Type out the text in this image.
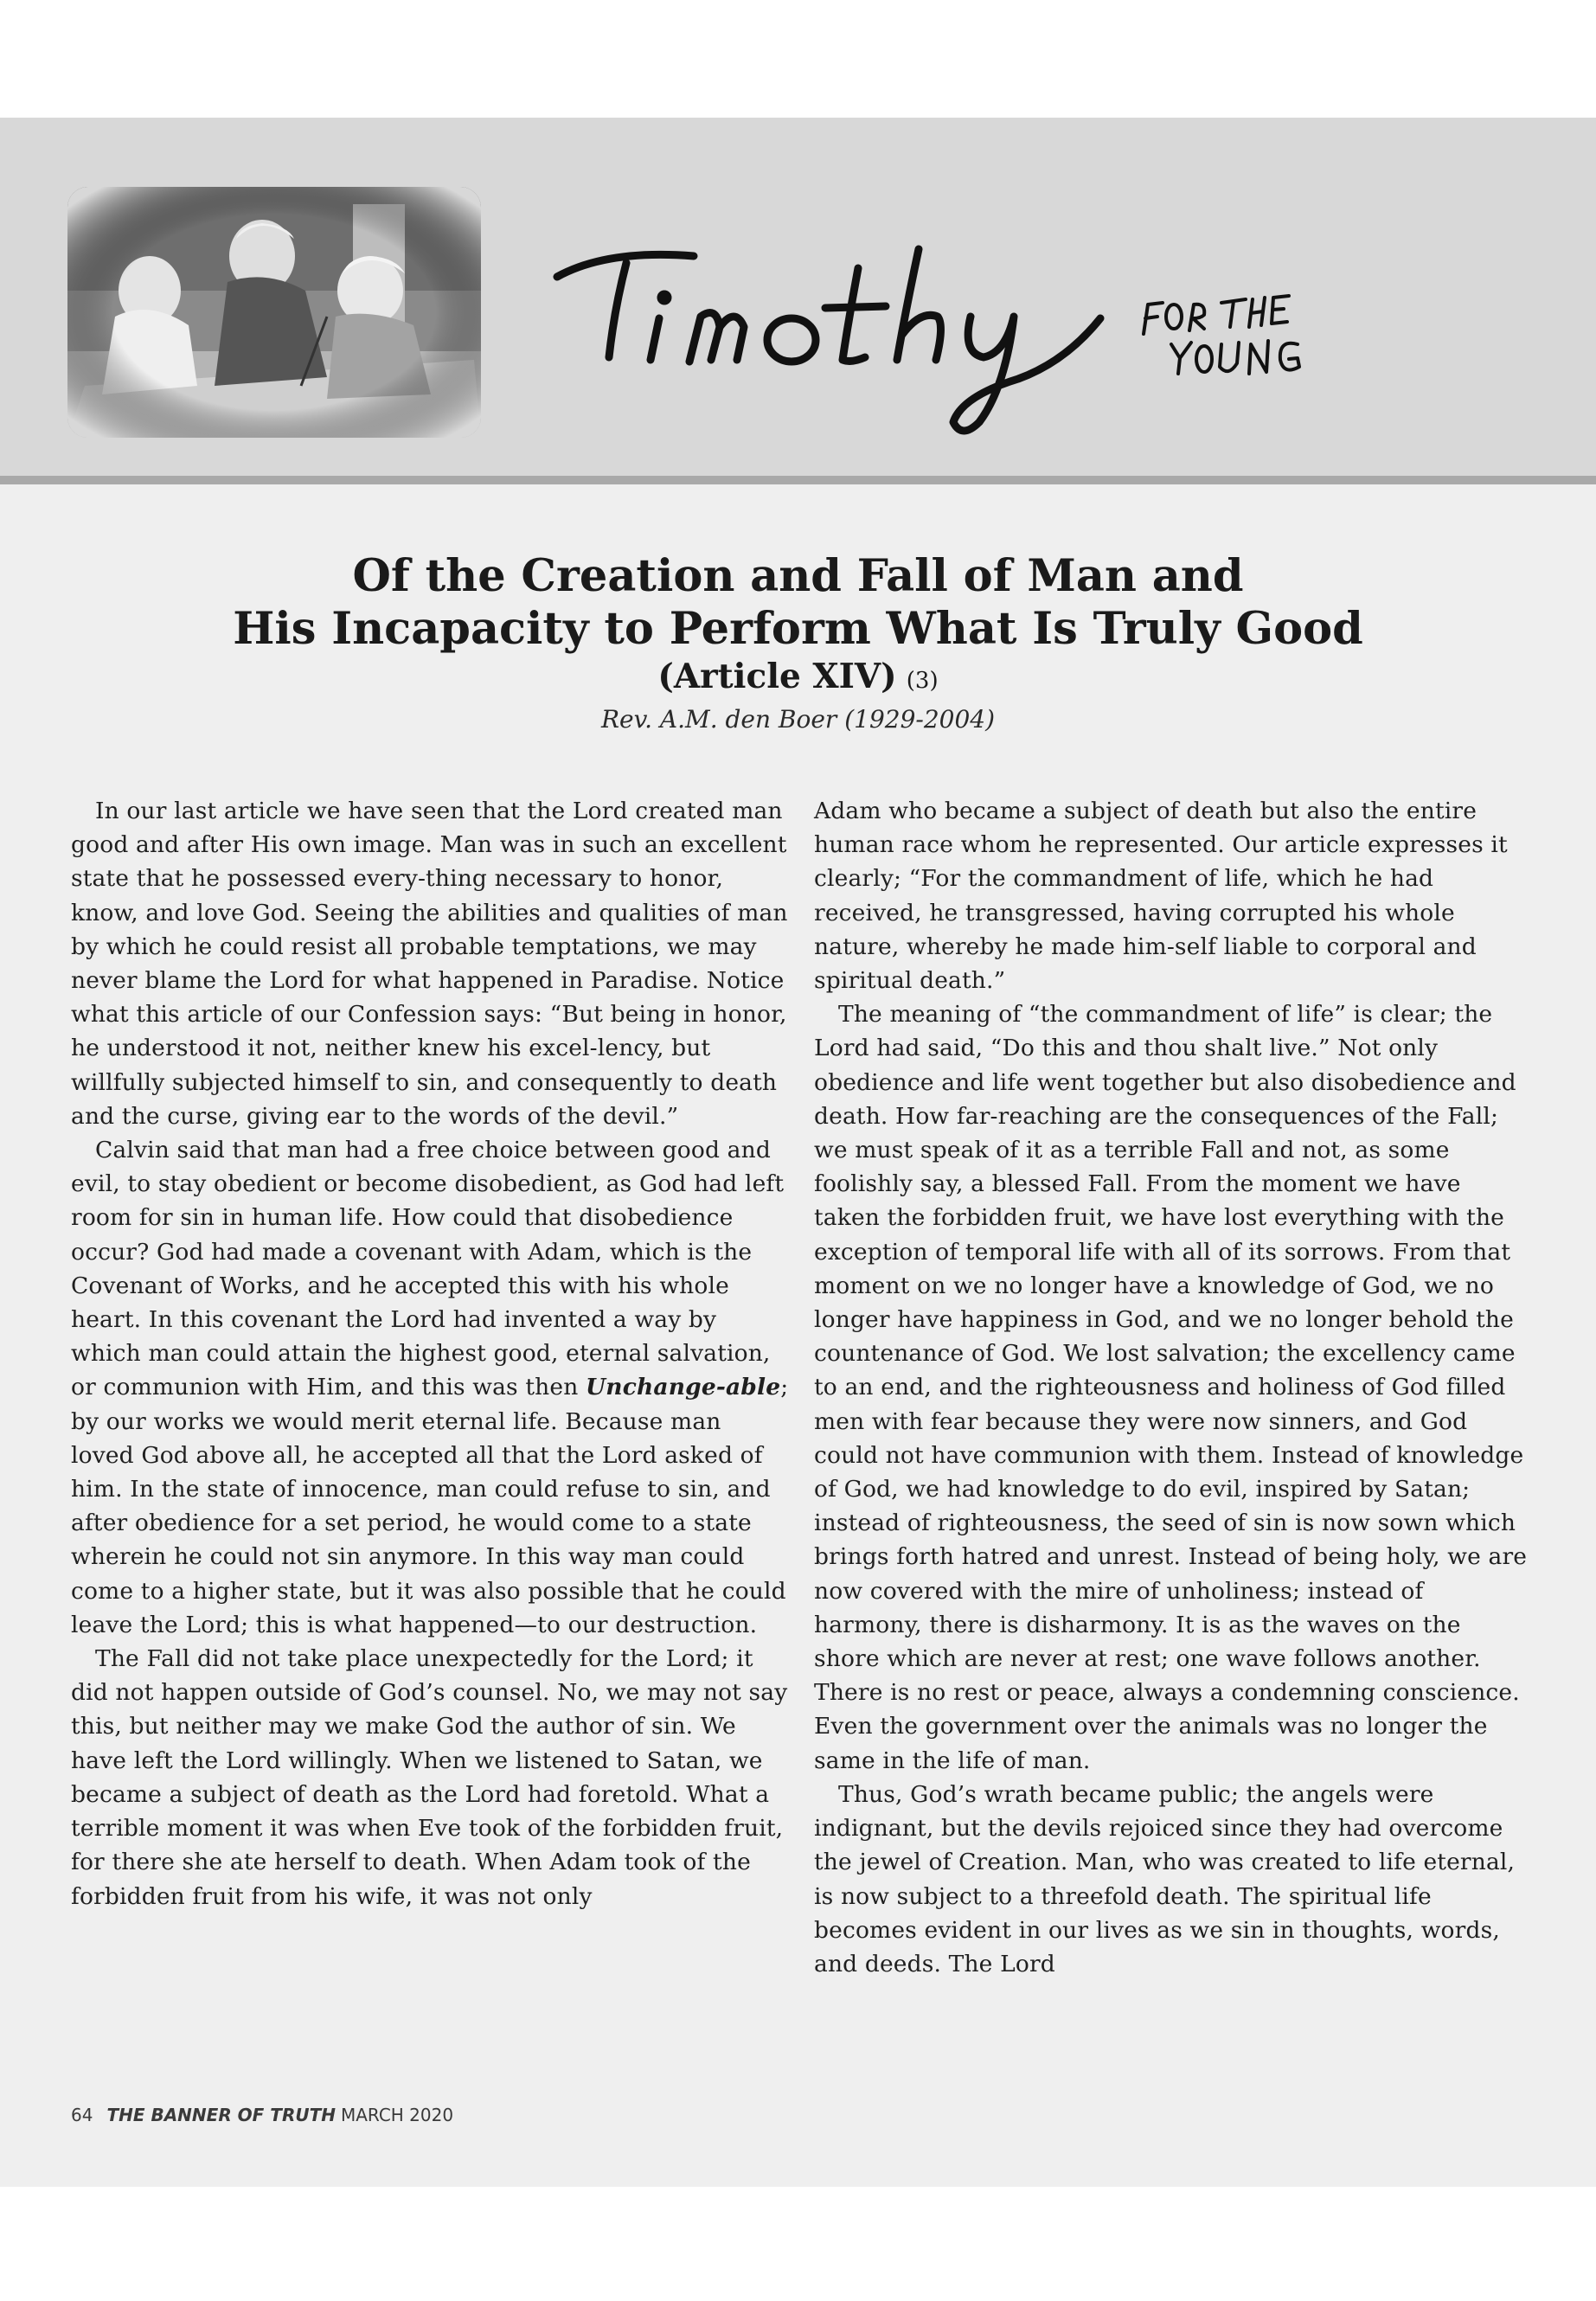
Of the Creation and Fall of Man and
His Incapacity to Perform What Is Truly Good
(Article XIV) (3)
Rev. A.M. den Boer (1929-2004)

In our last article we have seen that the Lord created man good and after His own image. Man was in such an excellent state that he possessed every-thing necessary to honor, know, and love God. Seeing the abilities and qualities of man by which he could resist all probable temptations, we may never blame the Lord for what happened in Paradise. Notice what this article of our Confession says: “But being in honor, he understood it not, neither knew his excel-lency, but willfully subjected himself to sin, and consequently to death and the curse, giving ear to the words of the devil.”

Calvin said that man had a free choice between good and evil, to stay obedient or become disobedient, as God had left room for sin in human life. How could that disobedience occur? God had made a covenant with Adam, which is the Covenant of Works, and he accepted this with his whole heart. In this covenant the Lord had invented a way by which man could attain the highest good, eternal salvation, or communion with Him, and this was then Unchange-able; by our works we would merit eternal life. Because man loved God above all, he accepted all that the Lord asked of him. In the state of innocence, man could refuse to sin, and after obedience for a set period, he would come to a state wherein he could not sin anymore. In this way man could come to a higher state, but it was also possible that he could leave the Lord; this is what happened—to our destruction.

The Fall did not take place unexpectedly for the Lord; it did not happen outside of God’s counsel. No, we may not say this, but neither may we make God the author of sin. We have left the Lord willingly. When we listened to Satan, we became a subject of death as the Lord had foretold. What a terrible moment it was when Eve took of the forbidden fruit, for there she ate herself to death. When Adam took of the forbidden fruit from his wife, it was not only

Adam who became a subject of death but also the entire human race whom he represented. Our article expresses it clearly; “For the commandment of life, which he had received, he transgressed, having corrupted his whole nature, whereby he made him-self liable to corporal and spiritual death.”

The meaning of “the commandment of life” is clear; the Lord had said, “Do this and thou shalt live.” Not only obedience and life went together but also disobedience and death. How far-reaching are the consequences of the Fall; we must speak of it as a terrible Fall and not, as some foolishly say, a blessed Fall. From the moment we have taken the forbidden fruit, we have lost everything with the exception of temporal life with all of its sorrows. From that moment on we no longer have a knowledge of God, we no longer have happiness in God, and we no longer behold the countenance of God. We lost salvation; the excellency came to an end, and the righteousness and holiness of God filled men with fear because they were now sinners, and God could not have communion with them. Instead of knowledge of God, we had knowledge to do evil, inspired by Satan; instead of righteousness, the seed of sin is now sown which brings forth hatred and unrest. Instead of being holy, we are now covered with the mire of unholiness; instead of harmony, there is disharmony. It is as the waves on the shore which are never at rest; one wave follows another. There is no rest or peace, always a condemning conscience. Even the government over the animals was no longer the same in the life of man.

Thus, God’s wrath became public; the angels were indignant, but the devils rejoiced since they had overcome the jewel of Creation. Man, who was created to life eternal, is now subject to a threefold death. The spiritual life becomes evident in our lives as we sin in thoughts, words, and deeds. The Lord

64 THE BANNER OF TRUTH MARCH 2020
